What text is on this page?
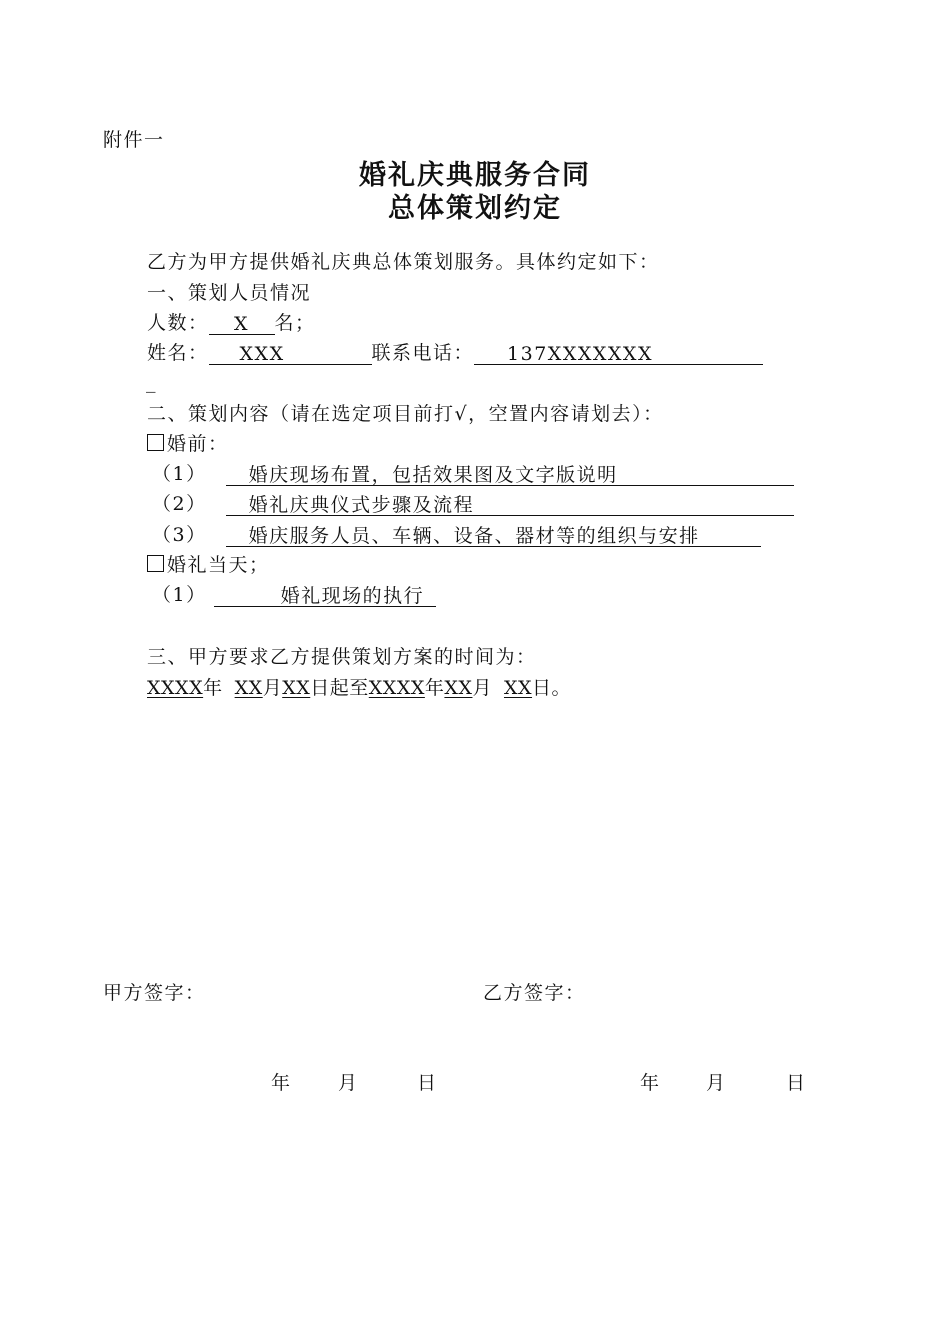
附件一
婚礼庆典服务合同
总体策划约定
乙方为甲方提供婚礼庆典总体策划服务。具体约定如下：
一、策划人员情况
人数： X 名；
姓名： XXX	联系电话： 137XXXXXXX
_
二、策划内容（请在选定项目前打√，空置内容请划去）：
婚前：
（1） 婚庆现场布置，包括效果图及文字版说明
（2） 婚礼庆典仪式步骤及流程
（3） 婚庆服务人员、车辆、设备、器材等的组织与安排
婚礼当天；
（1）	婚礼现场的执行
三、甲方要求乙方提供策划方案的时间为：
XXXX年 XX月XX日起至XXXX年XX月 XX日。
甲方签字：	乙方签字：
年 月	日	年 月	日
